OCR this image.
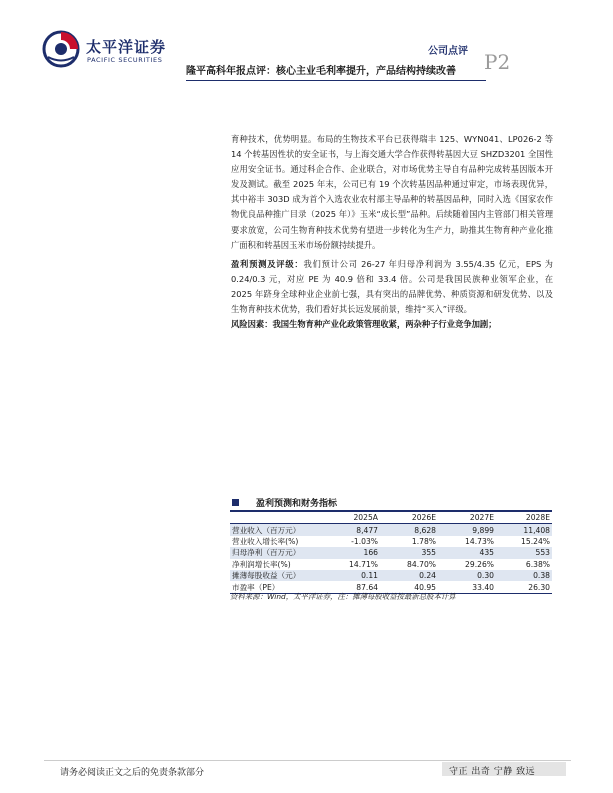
太平洋证券
PACIFIC SECURITIES
公司点评 P2
隆平高科年报点评：核心主业毛利率提升，产品结构持续改善

育种技术，优势明显。布局的生物技术平台已获得瑞丰 125、WYN041、LP026-2 等 14 个转基因性状的安全证书，与上海交通大学合作获得转基因大豆 SHZD3201 全国性应用安全证书。通过科企合作、企业联合，对市场优势主导自有品种完成转基因版本开发及测试。截至 2025 年末，公司已有 19 个次转基因品种通过审定，市场表现优异，其中裕丰 303D 成为首个入选农业农村部主导品种的转基因品种，同时入选《国家农作物优良品种推广目录（2025 年）》玉米“成长型”品种。后续随着国内主管部门相关管理要求放宽，公司生物育种技术优势有望进一步转化为生产力，助推其生物育种产业化推广面积和转基因玉米市场份额持续提升。

盈利预测及评级：我们预计公司 26-27 年归母净利润为 3.55/4.35 亿元，EPS 为 0.24/0.3 元，对应 PE 为 40.9 倍和 33.4 倍。公司是我国民族种业领军企业，在 2025 年跻身全球种业企业前七强，具有突出的品牌优势、种质资源和研发优势、以及生物育种技术优势，我们看好其长远发展前景，维持“买入”评级。

风险因素：我国生物育种产业化政策管理收紧，两杂种子行业竞争加剧；

盈利预测和财务指标
	2025A	2026E	2027E	2028E
营业收入（百万元）	8,477	8,628	9,899	11,408
营业收入增长率(%)	-1.03%	1.78%	14.73%	15.24%
归母净利（百万元）	166	355	435	553
净利润增长率(%)	14.71%	84.70%	29.26%	6.38%
摊薄每股收益（元）	0.11	0.24	0.30	0.38
市盈率（PE）	87.64	40.95	33.40	26.30
资料来源：Wind，太平洋证券，注：摊薄每股收益按最新总股本计算
请务必阅读正文之后的免责条款部分	守正 出奇 宁静 致远
